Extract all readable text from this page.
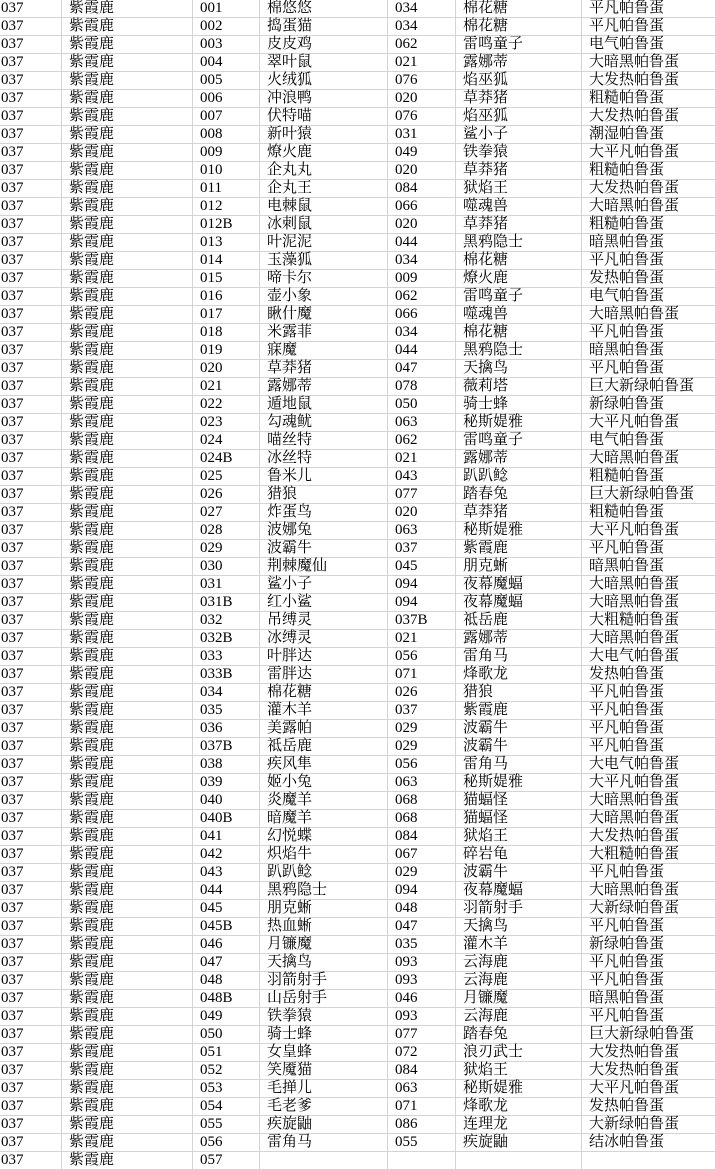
037	紫霞鹿	001	棉悠悠	034	棉花糖	平凡帕鲁蛋
037	紫霞鹿	002	捣蛋猫	034	棉花糖	平凡帕鲁蛋
037	紫霞鹿	003	皮皮鸡	062	雷鸣童子	电气帕鲁蛋
037	紫霞鹿	004	翠叶鼠	021	露娜蒂	大暗黑帕鲁蛋
037	紫霞鹿	005	火绒狐	076	焰巫狐	大发热帕鲁蛋
037	紫霞鹿	006	冲浪鸭	020	草莽猪	粗糙帕鲁蛋
037	紫霞鹿	007	伏特喵	076	焰巫狐	大发热帕鲁蛋
037	紫霞鹿	008	新叶猿	031	鲨小子	潮湿帕鲁蛋
037	紫霞鹿	009	燎火鹿	049	铁拳猿	大平凡帕鲁蛋
037	紫霞鹿	010	企丸丸	020	草莽猪	粗糙帕鲁蛋
037	紫霞鹿	011	企丸王	084	狱焰王	大发热帕鲁蛋
037	紫霞鹿	012	电棘鼠	066	噬魂兽	大暗黑帕鲁蛋
037	紫霞鹿	012B	冰刺鼠	020	草莽猪	粗糙帕鲁蛋
037	紫霞鹿	013	叶泥泥	044	黑鸦隐士	暗黑帕鲁蛋
037	紫霞鹿	014	玉藻狐	034	棉花糖	平凡帕鲁蛋
037	紫霞鹿	015	啼卡尔	009	燎火鹿	发热帕鲁蛋
037	紫霞鹿	016	壶小象	062	雷鸣童子	电气帕鲁蛋
037	紫霞鹿	017	瞅什魔	066	噬魂兽	大暗黑帕鲁蛋
037	紫霞鹿	018	米露菲	034	棉花糖	平凡帕鲁蛋
037	紫霞鹿	019	寐魔	044	黑鸦隐士	暗黑帕鲁蛋
037	紫霞鹿	020	草莽猪	047	天擒鸟	平凡帕鲁蛋
037	紫霞鹿	021	露娜蒂	078	薇莉塔	巨大新绿帕鲁蛋
037	紫霞鹿	022	遁地鼠	050	骑士蜂	新绿帕鲁蛋
037	紫霞鹿	023	勾魂鱿	063	秘斯媞雅	大平凡帕鲁蛋
037	紫霞鹿	024	喵丝特	062	雷鸣童子	电气帕鲁蛋
037	紫霞鹿	024B	冰丝特	021	露娜蒂	大暗黑帕鲁蛋
037	紫霞鹿	025	鲁米儿	043	趴趴鲶	粗糙帕鲁蛋
037	紫霞鹿	026	猎狼	077	踏春兔	巨大新绿帕鲁蛋
037	紫霞鹿	027	炸蛋鸟	020	草莽猪	粗糙帕鲁蛋
037	紫霞鹿	028	波娜兔	063	秘斯媞雅	大平凡帕鲁蛋
037	紫霞鹿	029	波霸牛	037	紫霞鹿	平凡帕鲁蛋
037	紫霞鹿	030	荆棘魔仙	045	朋克蜥	暗黑帕鲁蛋
037	紫霞鹿	031	鲨小子	094	夜幕魔蝠	大暗黑帕鲁蛋
037	紫霞鹿	031B	红小鲨	094	夜幕魔蝠	大暗黑帕鲁蛋
037	紫霞鹿	032	吊缚灵	037B	祗岳鹿	大粗糙帕鲁蛋
037	紫霞鹿	032B	冰缚灵	021	露娜蒂	大暗黑帕鲁蛋
037	紫霞鹿	033	叶胖达	056	雷角马	大电气帕鲁蛋
037	紫霞鹿	033B	雷胖达	071	烽歌龙	发热帕鲁蛋
037	紫霞鹿	034	棉花糖	026	猎狼	平凡帕鲁蛋
037	紫霞鹿	035	灌木羊	037	紫霞鹿	平凡帕鲁蛋
037	紫霞鹿	036	美露帕	029	波霸牛	平凡帕鲁蛋
037	紫霞鹿	037B	祗岳鹿	029	波霸牛	平凡帕鲁蛋
037	紫霞鹿	038	疾风隼	056	雷角马	大电气帕鲁蛋
037	紫霞鹿	039	姬小兔	063	秘斯媞雅	大平凡帕鲁蛋
037	紫霞鹿	040	炎魔羊	068	猫蝠怪	大暗黑帕鲁蛋
037	紫霞鹿	040B	暗魔羊	068	猫蝠怪	大暗黑帕鲁蛋
037	紫霞鹿	041	幻悦蝶	084	狱焰王	大发热帕鲁蛋
037	紫霞鹿	042	炽焰牛	067	碎岩龟	大粗糙帕鲁蛋
037	紫霞鹿	043	趴趴鲶	029	波霸牛	平凡帕鲁蛋
037	紫霞鹿	044	黑鸦隐士	094	夜幕魔蝠	大暗黑帕鲁蛋
037	紫霞鹿	045	朋克蜥	048	羽箭射手	大新绿帕鲁蛋
037	紫霞鹿	045B	热血蜥	047	天擒鸟	平凡帕鲁蛋
037	紫霞鹿	046	月镰魔	035	灌木羊	新绿帕鲁蛋
037	紫霞鹿	047	天擒鸟	093	云海鹿	平凡帕鲁蛋
037	紫霞鹿	048	羽箭射手	093	云海鹿	平凡帕鲁蛋
037	紫霞鹿	048B	山岳射手	046	月镰魔	暗黑帕鲁蛋
037	紫霞鹿	049	铁拳猿	093	云海鹿	平凡帕鲁蛋
037	紫霞鹿	050	骑士蜂	077	踏春兔	巨大新绿帕鲁蛋
037	紫霞鹿	051	女皇蜂	072	浪刃武士	大发热帕鲁蛋
037	紫霞鹿	052	笑魇猫	084	狱焰王	大发热帕鲁蛋
037	紫霞鹿	053	毛掸儿	063	秘斯媞雅	大平凡帕鲁蛋
037	紫霞鹿	054	毛老爹	071	烽歌龙	发热帕鲁蛋
037	紫霞鹿	055	疾旋鼬	086	连理龙	大新绿帕鲁蛋
037	紫霞鹿	056	雷角马	055	疾旋鼬	结冰帕鲁蛋
037	紫霞鹿	057
